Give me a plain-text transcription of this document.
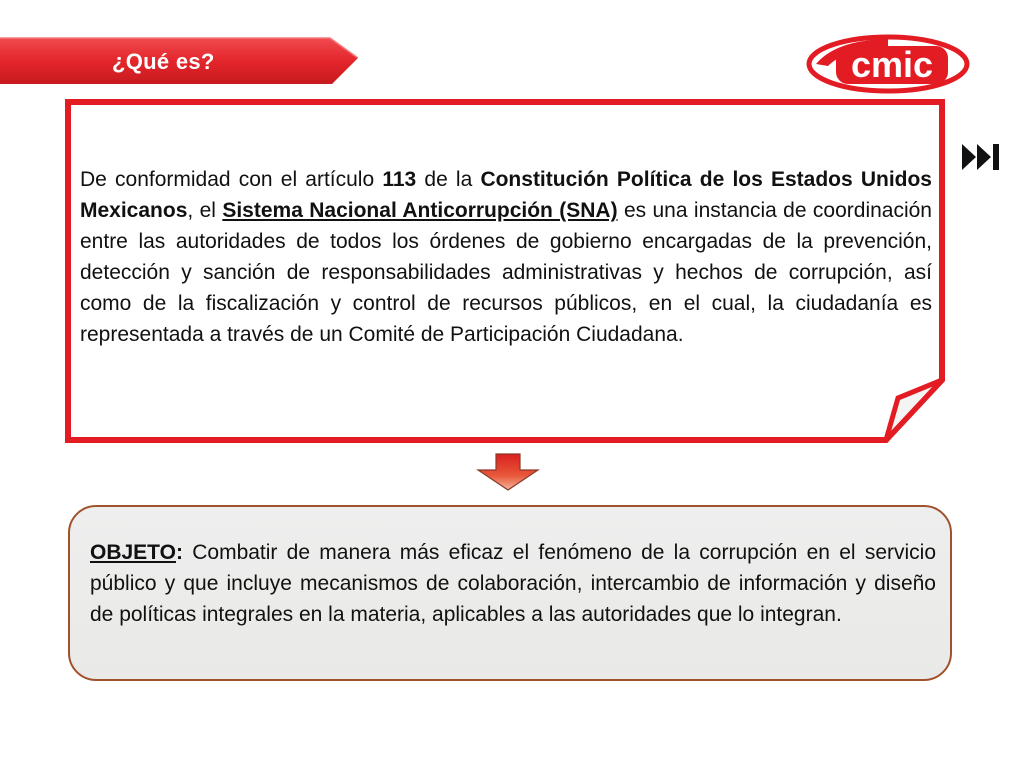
¿Qué es?	cmic
De conformidad con el artículo 113 de la Constitución Política de los Estados Unidos Mexicanos, el Sistema Nacional Anticorrupción (SNA) es una instancia de coordinación entre las autoridades de todos los órdenes de gobierno encargadas de la prevención, detección y sanción de responsabilidades administrativas y hechos de corrupción, así como de la fiscalización y control de recursos públicos, en el cual, la ciudadanía es representada a través de un Comité de Participación Ciudadana.
OBJETO: Combatir de manera más eficaz el fenómeno de la corrupción en el servicio público y que incluye mecanismos de colaboración, intercambio de información y diseño de políticas integrales en la materia, aplicables a las autoridades que lo integran.
